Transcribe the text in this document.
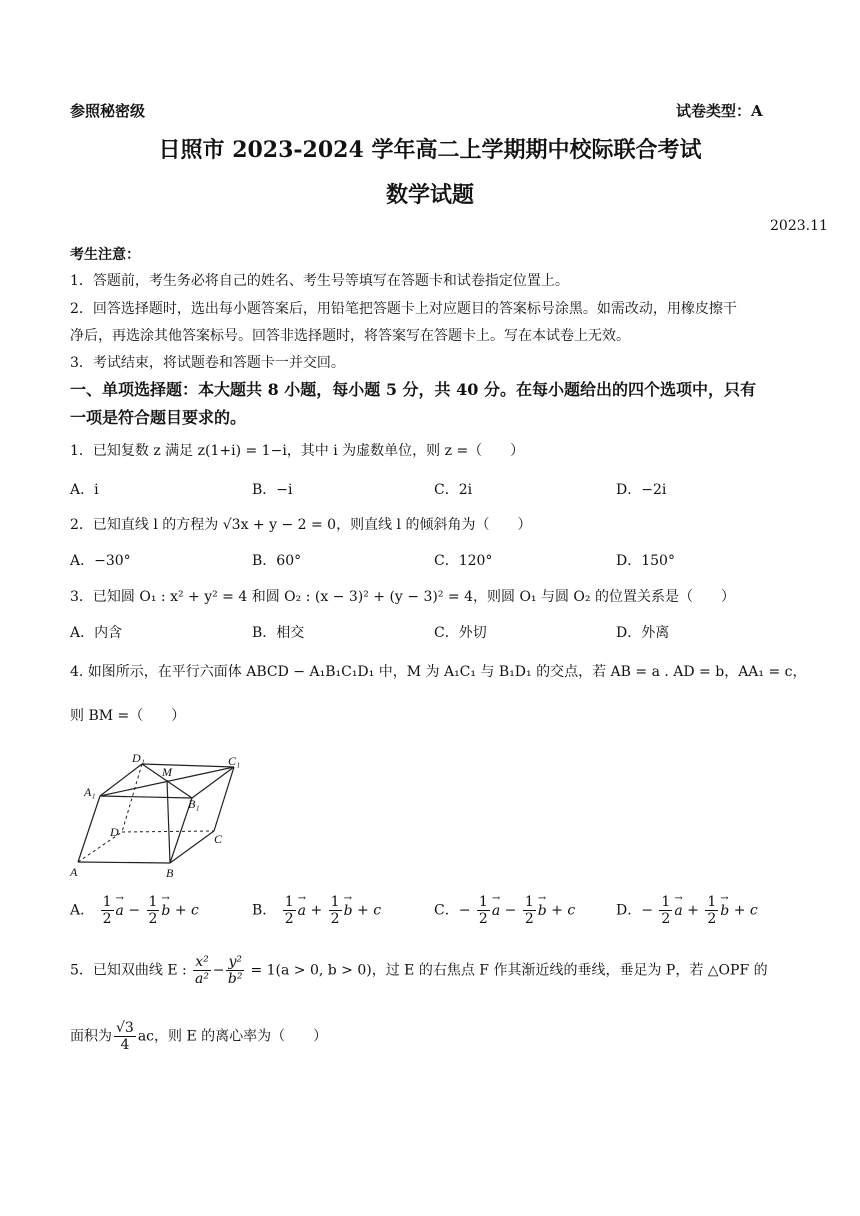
参照秘密级	试卷类型：A
日照市 2023-2024 学年高二上学期期中校际联合考试
数学试题
2023.11
考生注意：
1．答题前，考生务必将自己的姓名、考生号等填写在答题卡和试卷指定位置上。
2．回答选择题时，选出每小题答案后，用铅笔把答题卡上对应题目的答案标号涂黑。如需改动，用橡皮擦干
净后，再选涂其他答案标号。回答非选择题时，将答案写在答题卡上。写在本试卷上无效。
3．考试结束，将试题卷和答题卡一并交回。
一、单项选择题：本大题共 8 小题，每小题 5 分，共 40 分。在每小题给出的四个选项中，只有
一项是符合题目要求的。
1．已知复数 z 满足 z(1+i) = 1−i，其中 i 为虚数单位，则 z =（　　）
A．i	B．−i	C．2i	D．−2i
2．已知直线 l 的方程为 √3x + y − 2 = 0，则直线 l 的倾斜角为（　　）
A．−30°	B．60°	C．120°	D．150°
3．已知圆 O₁ : x² + y² = 4 和圆 O₂ : (x − 3)² + (y − 3)² = 4，则圆 O₁ 与圆 O₂ 的位置关系是（　　）
A．内含	B．相交	C．外切	D．外离
4. 如图所示，在平行六面体 ABCD − A₁B₁C₁D₁ 中，M 为 A₁C₁ 与 B₁D₁ 的交点，若 AB = a . AD = b，AA₁ = c，
则 BM =（　　）
D₁
M
C₁
A₁
B₁
D	C
A	B
A． $\frac{1}{2} \to a - \frac{1}{2} \to b + c$	B． $\frac{1}{2} \to a + \frac{1}{2} \to b + c$	C．− $\frac{1}{2} \to a - \frac{1}{2} \to b + c$	D．− $\frac{1}{2} \to a + \frac{1}{2} \to b + c$
5．已知双曲线 E : $\frac{\text{x²}}{\text{a²}} - \frac{\text{y²}}{\text{b²}} = 1(a > 0$, b > 0)，过 E 的右焦点 F 作其渐近线的垂线，垂足为 P，若 △OPF 的
面积为 $\frac{√3}{4}$ ac，则 E 的离心率为（　　）
